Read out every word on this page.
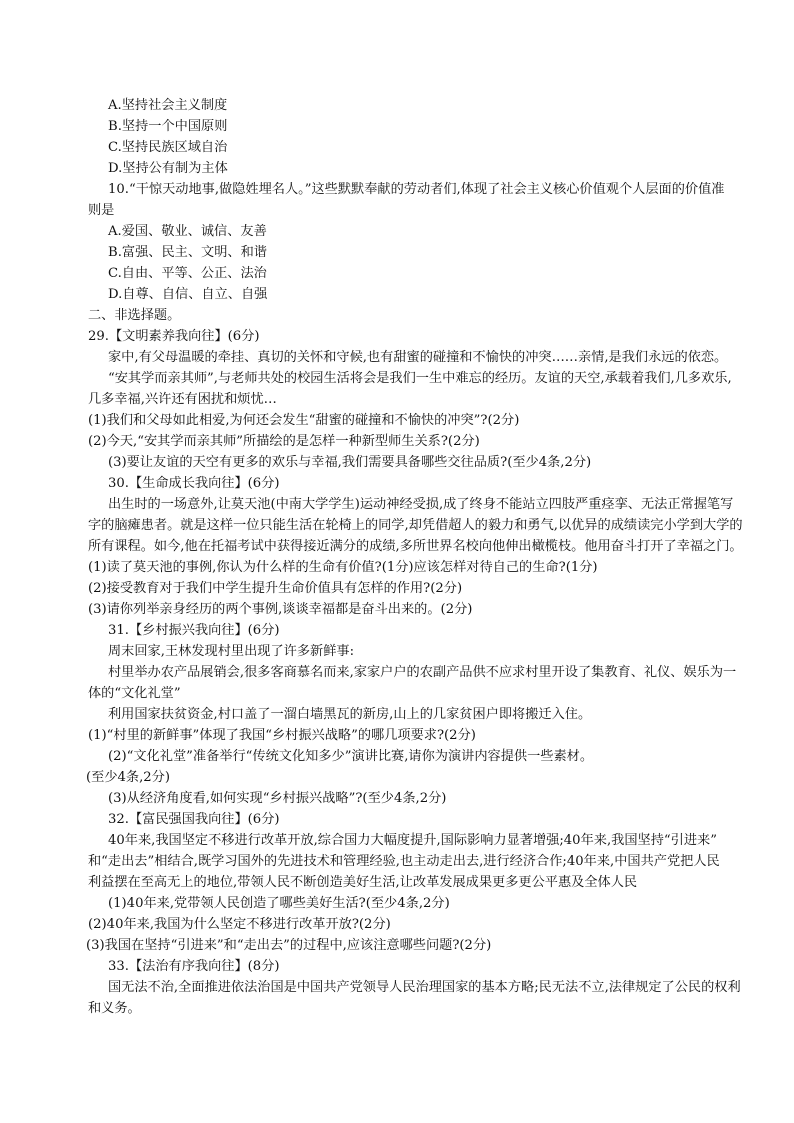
A.坚持社会主义制度
B.坚持一个中国原则
C.坚持民族区域自治
D.坚持公有制为主体
10.“干惊天动地事,做隐姓埋名人。”这些默默奉献的劳动者们,体现了社会主义核心价值观个人层面的价值准
则是
A.爱国、敬业、诚信、友善
B.富强、民主、文明、和谐
C.自由、平等、公正、法治
D.自尊、自信、自立、自强
二、非选择题。
29.【文明素养我向往】(6分)
家中,有父母温暖的牵挂、真切的关怀和守候,也有甜蜜的碰撞和不愉快的冲突……亲情,是我们永远的依恋。
“安其学而亲其师”,与老师共处的校园生活将会是我们一生中难忘的经历。友谊的天空,承载着我们,几多欢乐,
几多幸福,兴许还有困扰和烦忧…
(1)我们和父母如此相爱,为何还会发生“甜蜜的碰撞和不愉快的冲突”?(2分)
(2)今天,“安其学而亲其师”所描绘的是怎样一种新型师生关系?(2分)
(3)要让友谊的天空有更多的欢乐与幸福,我们需要具备哪些交往品质?(至少4条,2分)
30.【生命成长我向往】(6分)
出生时的一场意外,让莫天池(中南大学学生)运动神经受损,成了终身不能站立四肢严重痉挛、无法正常握笔写
字的脑瘫患者。就是这样一位只能生活在轮椅上的同学,却凭借超人的毅力和勇气,以优异的成绩读完小学到大学的
所有课程。如今,他在托福考试中获得接近满分的成绩,多所世界名校向他伸出橄榄枝。他用奋斗打开了幸福之门。
(1)读了莫天池的事例,你认为什么样的生命有价值?(1分)应该怎样对待自己的生命?(1分)
(2)接受教育对于我们中学生提升生命价值具有怎样的作用?(2分)
(3)请你列举亲身经历的两个事例,谈谈幸福都是奋斗出来的。(2分)
31.【乡村振兴我向往】(6分)
周末回家,王林发现村里出现了许多新鲜事:
村里举办农产品展销会,很多客商慕名而来,家家户户的农副产品供不应求村里开设了集教育、礼仪、娱乐为一
体的“文化礼堂”
利用国家扶贫资金,村口盖了一溜白墙黑瓦的新房,山上的几家贫困户即将搬迁入住。
(1)“村里的新鲜事”体现了我国“乡村振兴战略”的哪几项要求?(2分)
(2)“文化礼堂”准备举行“传统文化知多少”演讲比赛,请你为演讲内容提供一些素材。
(至少4条,2分)
(3)从经济角度看,如何实现“乡村振兴战略”?(至少4条,2分)
32.【富民强国我向往】(6分)
40年来,我国坚定不移进行改革开放,综合国力大幅度提升,国际影响力显著增强;40年来,我国坚持“引进来”
和“走出去”相结合,既学习国外的先进技术和管理经验,也主动走出去,进行经济合作;40年来,中国共产党把人民
利益摆在至高无上的地位,带领人民不断创造美好生活,让改革发展成果更多更公平惠及全体人民
(1)40年来,党带领人民创造了哪些美好生活?(至少4条,2分)
(2)40年来,我国为什么坚定不移进行改革开放?(2分)
(3)我国在坚持“引进来”和“走出去”的过程中,应该注意哪些问题?(2分)
33.【法治有序我向往】(8分)
国无法不治,全面推进依法治国是中国共产党领导人民治理国家的基本方略;民无法不立,法律规定了公民的权利
和义务。
